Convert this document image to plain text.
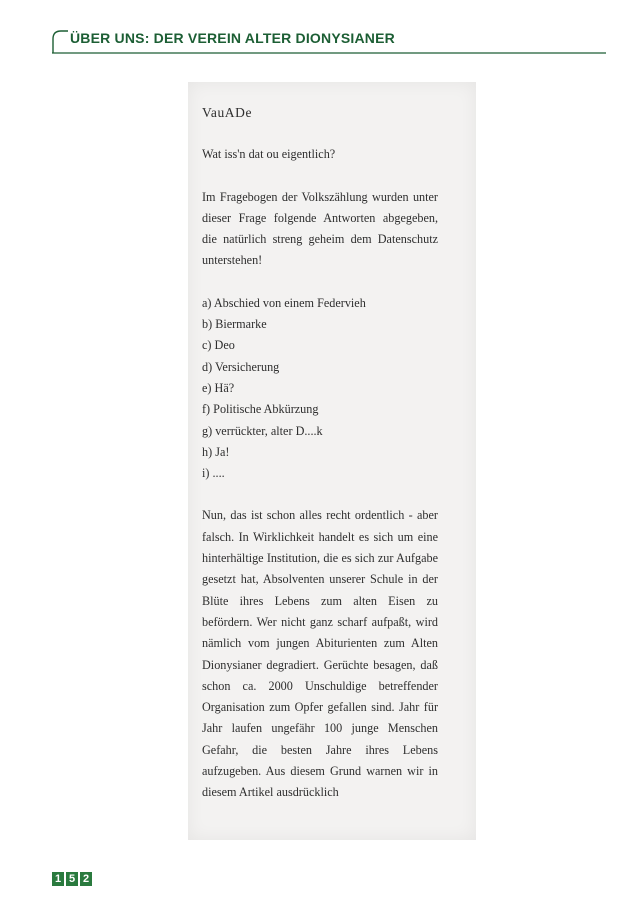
ÜBER UNS: DER VEREIN ALTER DIONYSIANER
VauADe

Wat iss'n dat ou eigentlich?

Im Fragebogen der Volkszählung wurden unter dieser Frage folgende Antworten abgegeben, die natürlich streng geheim dem Datenschutz unterstehen!

a) Abschied von einem Federvieh
b) Biermarke
c) Deo
d) Versicherung
e) Hä?
f) Politische Abkürzung
g) verrückter, alter D....k
h) Ja!
i) ....

Nun, das ist schon alles recht ordentlich - aber falsch. In Wirklichkeit handelt es sich um eine hinterhältige Institution, die es sich zur Aufgabe gesetzt hat, Absolventen unserer Schule in der Blüte ihres Lebens zum alten Eisen zu befördern. Wer nicht ganz scharf aufpaßt, wird nämlich vom jungen Abiturienten zum Alten Dionysianer degradiert. Gerüchte besagen, daß schon ca. 2000 Unschuldige betreffender Organisation zum Opfer gefallen sind. Jahr für Jahr laufen ungefähr 100 junge Menschen Gefahr, die besten Jahre ihres Lebens aufzugeben. Aus diesem Grund warnen wir in diesem Artikel ausdrücklich

1 5 2
